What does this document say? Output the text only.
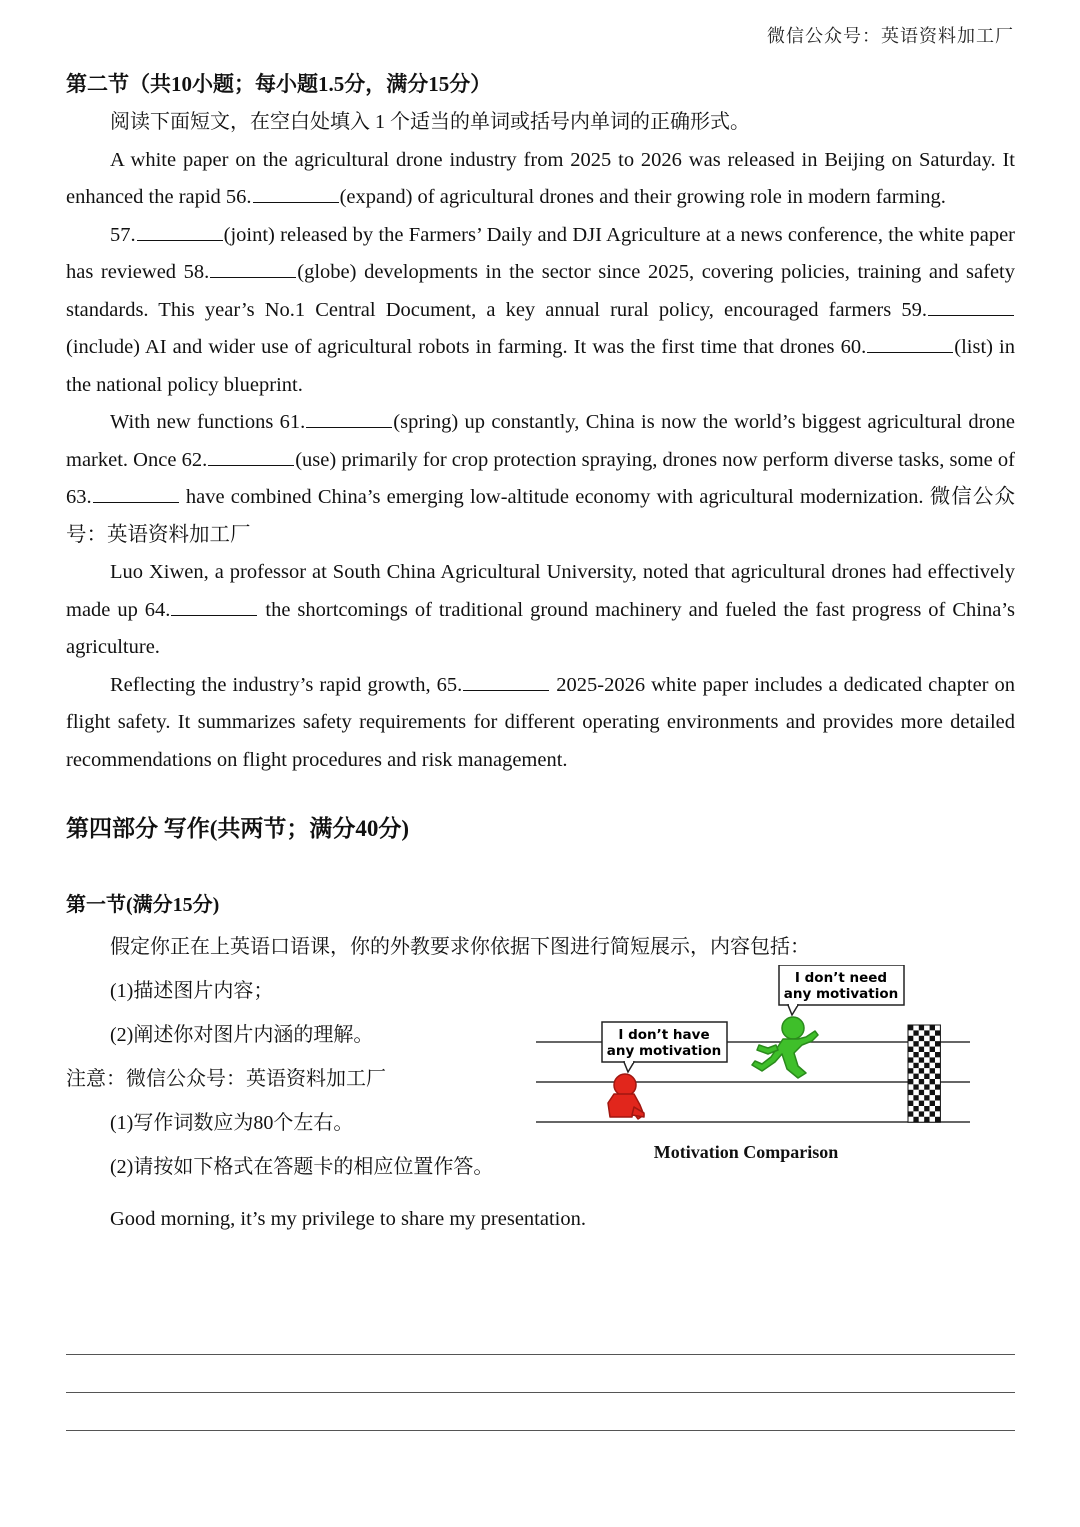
微信公众号：英语资料加工厂
第二节（共10小题；每小题1.5分，满分15分）

阅读下面短文，在空白处填入 1 个适当的单词或括号内单词的正确形式。

A white paper on the agricultural drone industry from 2025 to 2026 was released in Beijing on Saturday. It enhanced the rapid 56.	(expand) of agricultural drones and their growing role in modern farming.

57.	(joint) released by the Farmers’ Daily and DJI Agriculture at a news conference, the white paper has reviewed 58.	(globe) developments in the sector since 2025, covering policies, training and safety standards. This year’s No.1 Central Document, a key annual rural policy, encouraged farmers 59.(include) AI and wider use of agricultural robots in farming. It was the first time that drones 60.	(list) in the national policy blueprint.

With new functions 61.	(spring) up constantly, China is now the world’s biggest agricultural drone market. Once 62.	(use) primarily for crop protection spraying, drones now perform diverse tasks, some of 63.	have combined China’s emerging low-altitude economy with agricultural modernization. 微信公众号：英语资料加工厂

Luo Xiwen, a professor at South China Agricultural University, noted that agricultural drones had effectively made up 64.	the shortcomings of traditional ground machinery and fueled the fast progress of China’s agriculture.

Reflecting the industry’s rapid growth, 65.	2025-2026 white paper includes a dedicated chapter on flight safety. It summarizes safety requirements for different operating environments and provides more detailed recommendations on flight procedures and risk management.

第四部分 写作(共两节；满分40分)
第一节(满分15分)

假定你正在上英语口语课，你的外教要求你依据下图进行简短展示，内容包括：

(1)描述图片内容；

(2)阐述你对图片内涵的理解。

注意：微信公众号：英语资料加工厂

(1)写作词数应为80个左右。

(2)请按如下格式在答题卡的相应位置作答。

I don’t need
any motivation
I don’t have
any motivation
Motivation Comparison

Good morning, it’s my privilege to share my presentation.
